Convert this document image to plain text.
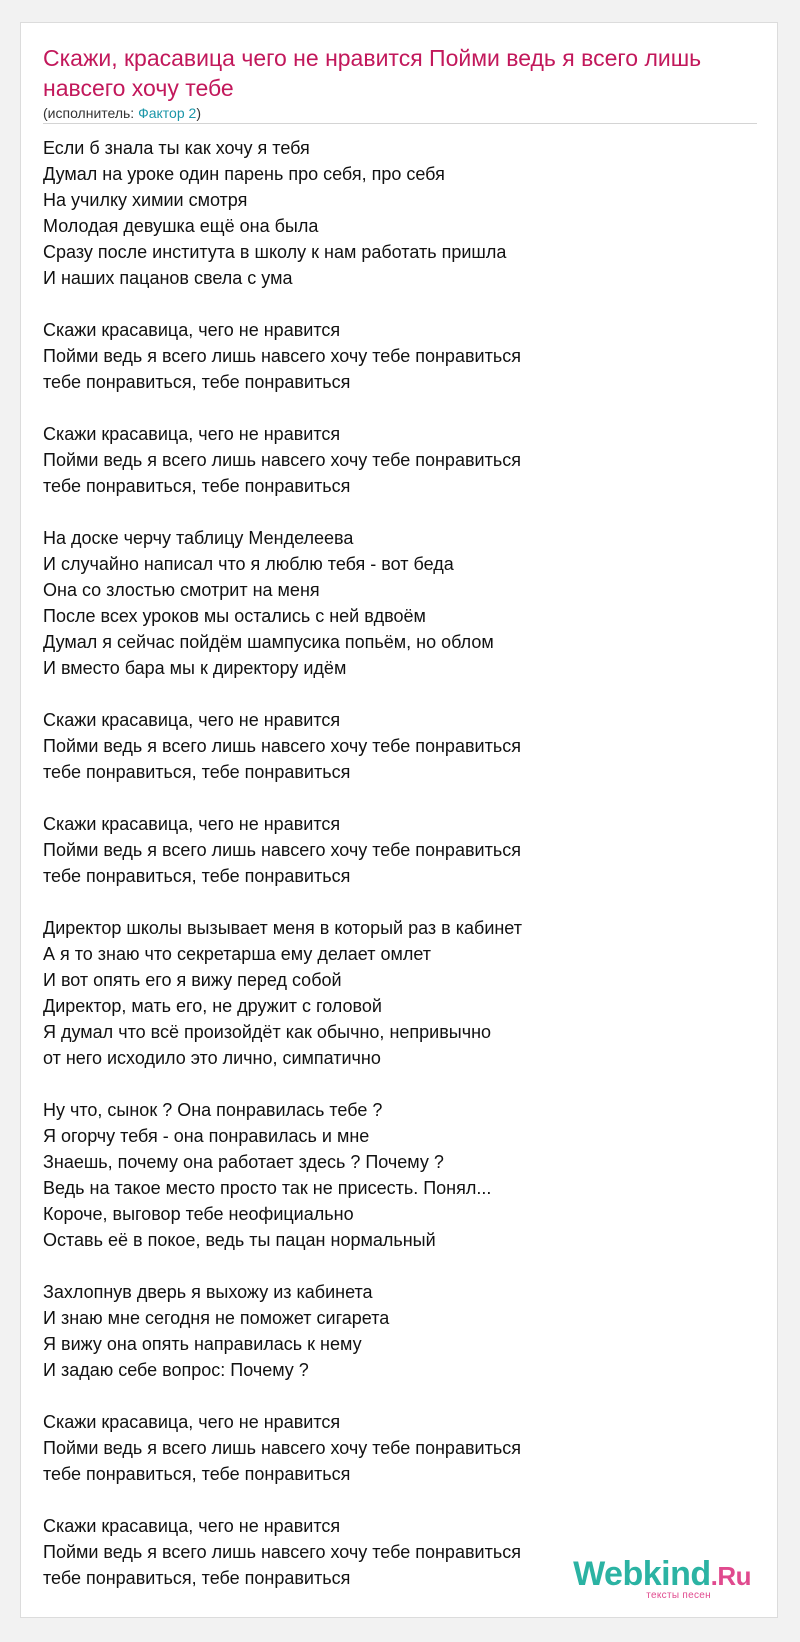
Скажи, красавица чего не нравится Пойми ведь я всего лишь навсего хочу тебе
(исполнитель: Фактор 2)
Если б знала ты как хочу я тебя
Думал на уроке один парень про себя, про себя
На училку химии смотря
Молодая девушка ещё она была
Сразу после института в школу к нам работать пришла
И наших пацанов свела с ума
Скажи красавица, чего не нравится
Пойми ведь я всего лишь навсего хочу тебе понравиться
тебе понравиться, тебе понравиться
Скажи красавица, чего не нравится
Пойми ведь я всего лишь навсего хочу тебе понравиться
тебе понравиться, тебе понравиться
На доске черчу таблицу Менделеева
И случайно написал что я люблю тебя - вот беда
Она со злостью смотрит на меня
После всех уроков мы остались с ней вдвоём
Думал я сейчас пойдём шампусика попьём, но облом
И вместо бара мы к директору идём
Скажи красавица, чего не нравится
Пойми ведь я всего лишь навсего хочу тебе понравиться
тебе понравиться, тебе понравиться
Скажи красавица, чего не нравится
Пойми ведь я всего лишь навсего хочу тебе понравиться
тебе понравиться, тебе понравиться
Директор школы вызывает меня в который раз в кабинет
А я то знаю что секретарша ему делает омлет
И вот опять его я вижу перед собой
Директор, мать его, не дружит с головой
Я думал что всё произойдёт как обычно, непривычно
от него исходило это лично, симпатично
Ну что, сынок ? Она понравилась тебе ?
Я огорчу тебя - она понравилась и мне
Знаешь, почему она работает здесь ? Почему ?
Ведь на такое место просто так не присесть. Понял...
Короче, выговор тебе неофициально
Оставь её в покое, ведь ты пацан нормальный
Захлопнув дверь я выхожу из кабинета
И знаю мне сегодня не поможет сигарета
Я вижу она опять направилась к нему
И задаю себе вопрос: Почему ?
Скажи красавица, чего не нравится
Пойми ведь я всего лишь навсего хочу тебе понравиться
тебе понравиться, тебе понравиться
Скажи красавица, чего не нравится
Пойми ведь я всего лишь навсего хочу тебе понравиться
тебе понравиться, тебе понравиться	Webkind.Ru
тексты песен
